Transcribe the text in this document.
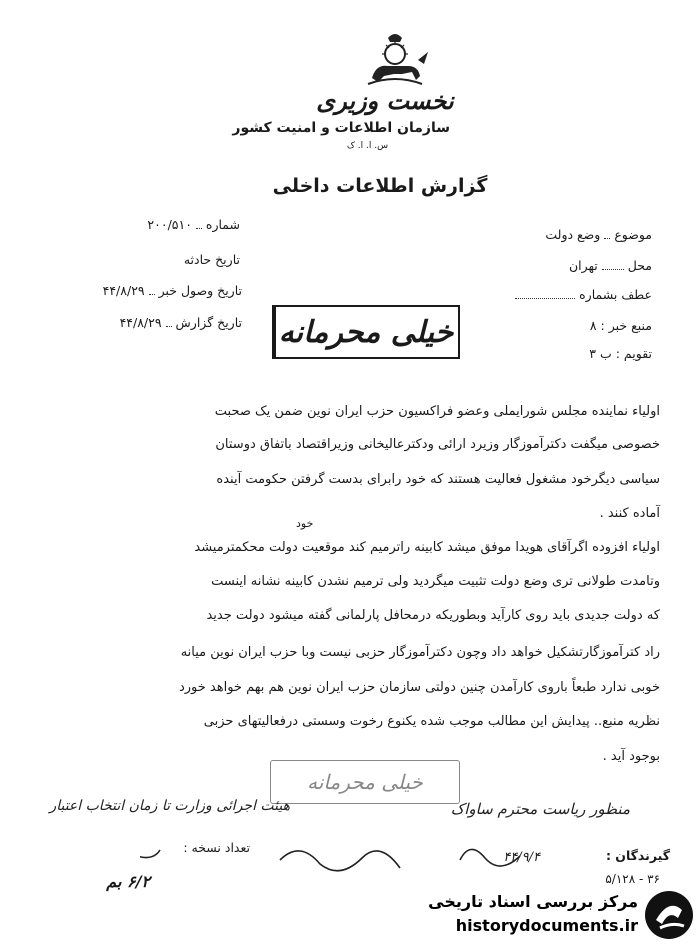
نخست وزیری
سازمان اطلاعات و امنیت کشور
س. ا. ا. ک
گزارش اطلاعات داخلی
شماره  ۲۰۰/۵۱۰
تاریخ حادثه
تاریخ وصول خبر  ۴۴/۸/۲۹
تاریخ گزارش  ۴۴/۸/۲۹
موضوع  وضع دولت
محل  تهران
عطف بشماره
منبع خبر : ۸
تقویم : ب ۳
خیلی محرمانه
اولیاء نماینده مجلس شورایملی وعضو فراکسیون حزب ایران نوین ضمن یک صحبت
خصوصی میگفت دکترآموزگار وزیرد ارائی ودکترعالیخانی وزیراقتصاد باتفاق دوستان
سیاسی دیگرخود مشغول فعالیت هستند که خود رابرای بدست گرفتن حکومت آینده
آماده کنند .
خود
اولیاء افزوده اگرآقای هویدا موفق میشد کابینه راترمیم کند موقعیت دولت محکمترمیشد
وتامدت طولانی تری وضع دولت تثبیت میگردید ولی ترمیم نشدن کابینه نشانه اینست
که دولت جدیدی باید روی کارآید وبطوریکه درمحافل پارلمانی گفته میشود دولت جدید
راد کترآموزگارتشکیل خواهد داد وچون دکترآموزگار حزبی نیست وبا حزب ایران نوین میانه
خوبی ندارد طبعاً باروی کارآمدن چنین دولتی سازمان حزب ایران نوین هم بهم خواهد خورد
نظریه منبع.. پیدایش این مطالب موجب شده یکنوع رخوت وسستی درفعالیتهای حزبی
بوجود آید .
خیلی محرمانه
منظور ریاست محترم ساواک
هیئت اجرائی وزارت تا زمان انتخاب اعتبار
۴۴/۹/۴
تعداد نسخه :
گیرندگان :
۵/۱۲۸ - ۳۶
۶/۲ بم
مرکز بررسی اسناد تاریخی
historydocuments.ir
